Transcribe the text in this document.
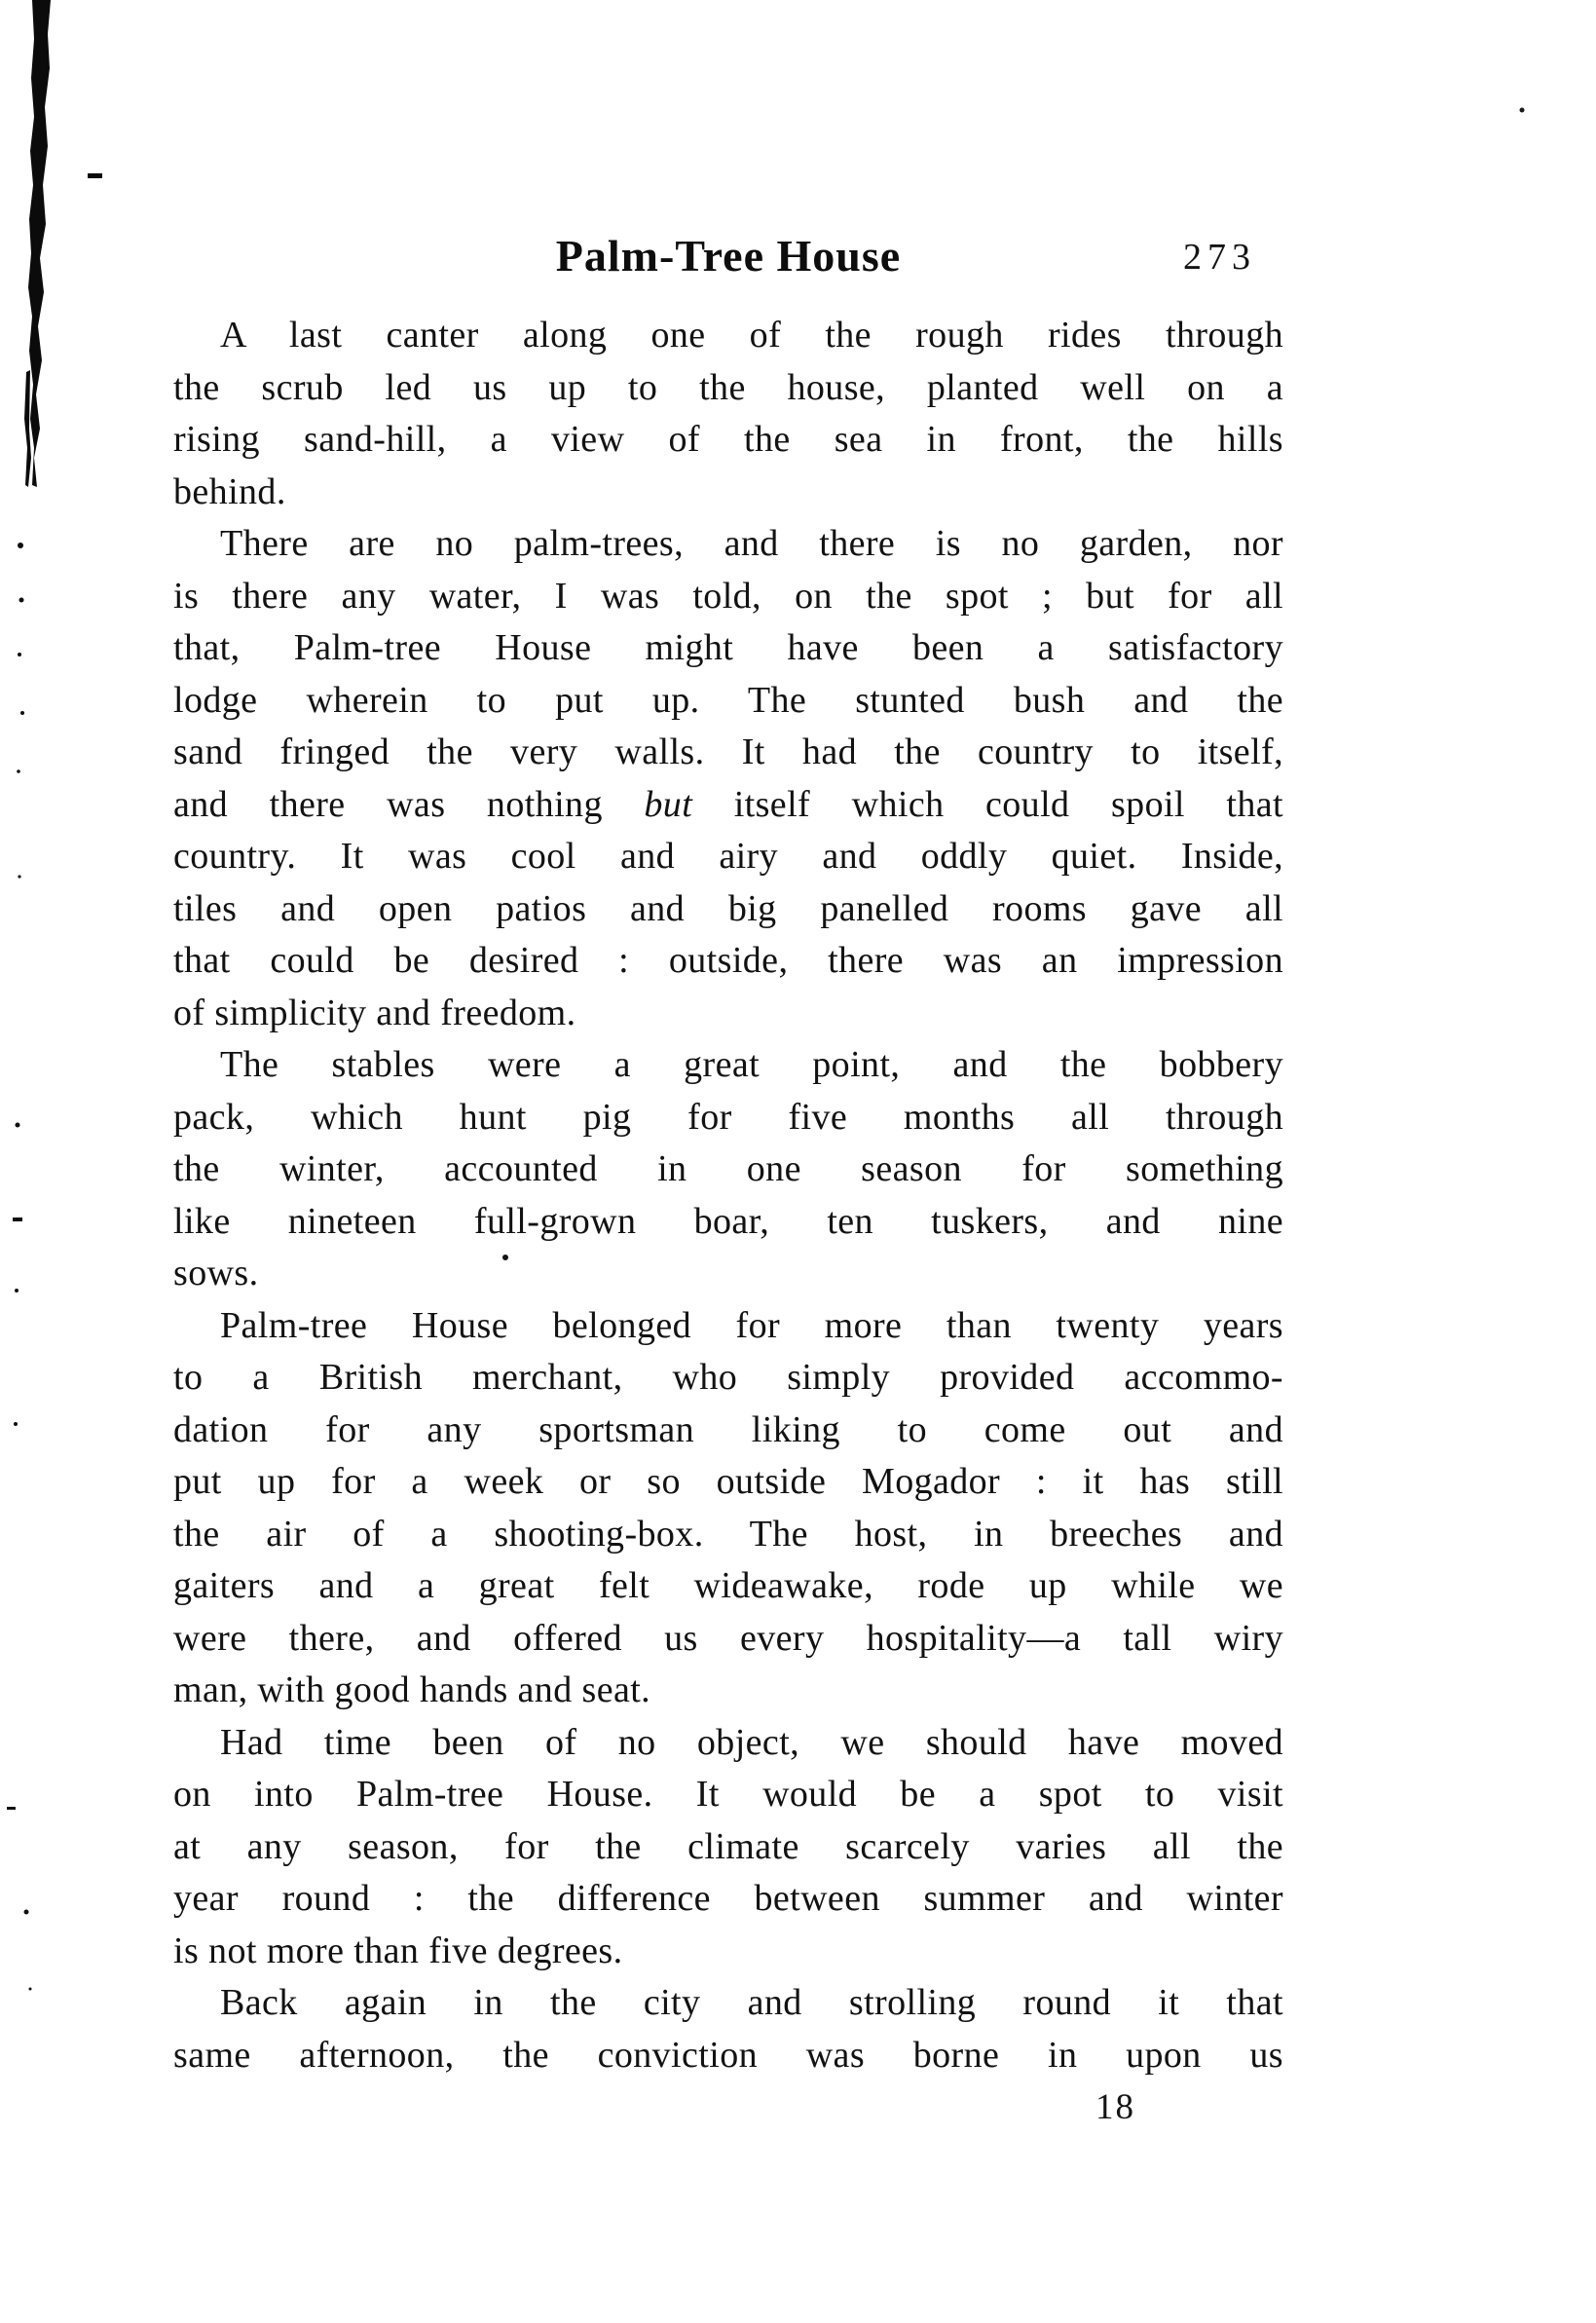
Palm-Tree House	273
A last canter along one of the rough rides through
the scrub led us up to the house, planted well on a
rising sand-hill, a view of the sea in front, the hills
behind.
There are no palm-trees, and there is no garden, nor
is there any water, I was told, on the spot ; but for all
that, Palm-tree House might have been a satisfactory
lodge wherein to put up. The stunted bush and the
sand fringed the very walls. It had the country to itself,
and there was nothing but itself which could spoil that
country. It was cool and airy and oddly quiet. Inside,
tiles and open patios and big panelled rooms gave all
that could be desired : outside, there was an impression
of simplicity and freedom.
The stables were a great point, and the bobbery
pack, which hunt pig for five months all through
the winter, accounted in one season for something
like nineteen full-grown boar, ten tuskers, and nine
sows.
Palm-tree House belonged for more than twenty years
to a British merchant, who simply provided accommo-
dation for any sportsman liking to come out and
put up for a week or so outside Mogador : it has still
the air of a shooting-box. The host, in breeches and
gaiters and a great felt wideawake, rode up while we
were there, and offered us every hospitality—a tall wiry
man, with good hands and seat.
Had time been of no object, we should have moved
on into Palm-tree House. It would be a spot to visit
at any season, for the climate scarcely varies all the
year round : the difference between summer and winter
is not more than five degrees.
Back again in the city and strolling round it that
same afternoon, the conviction was borne in upon us
18
